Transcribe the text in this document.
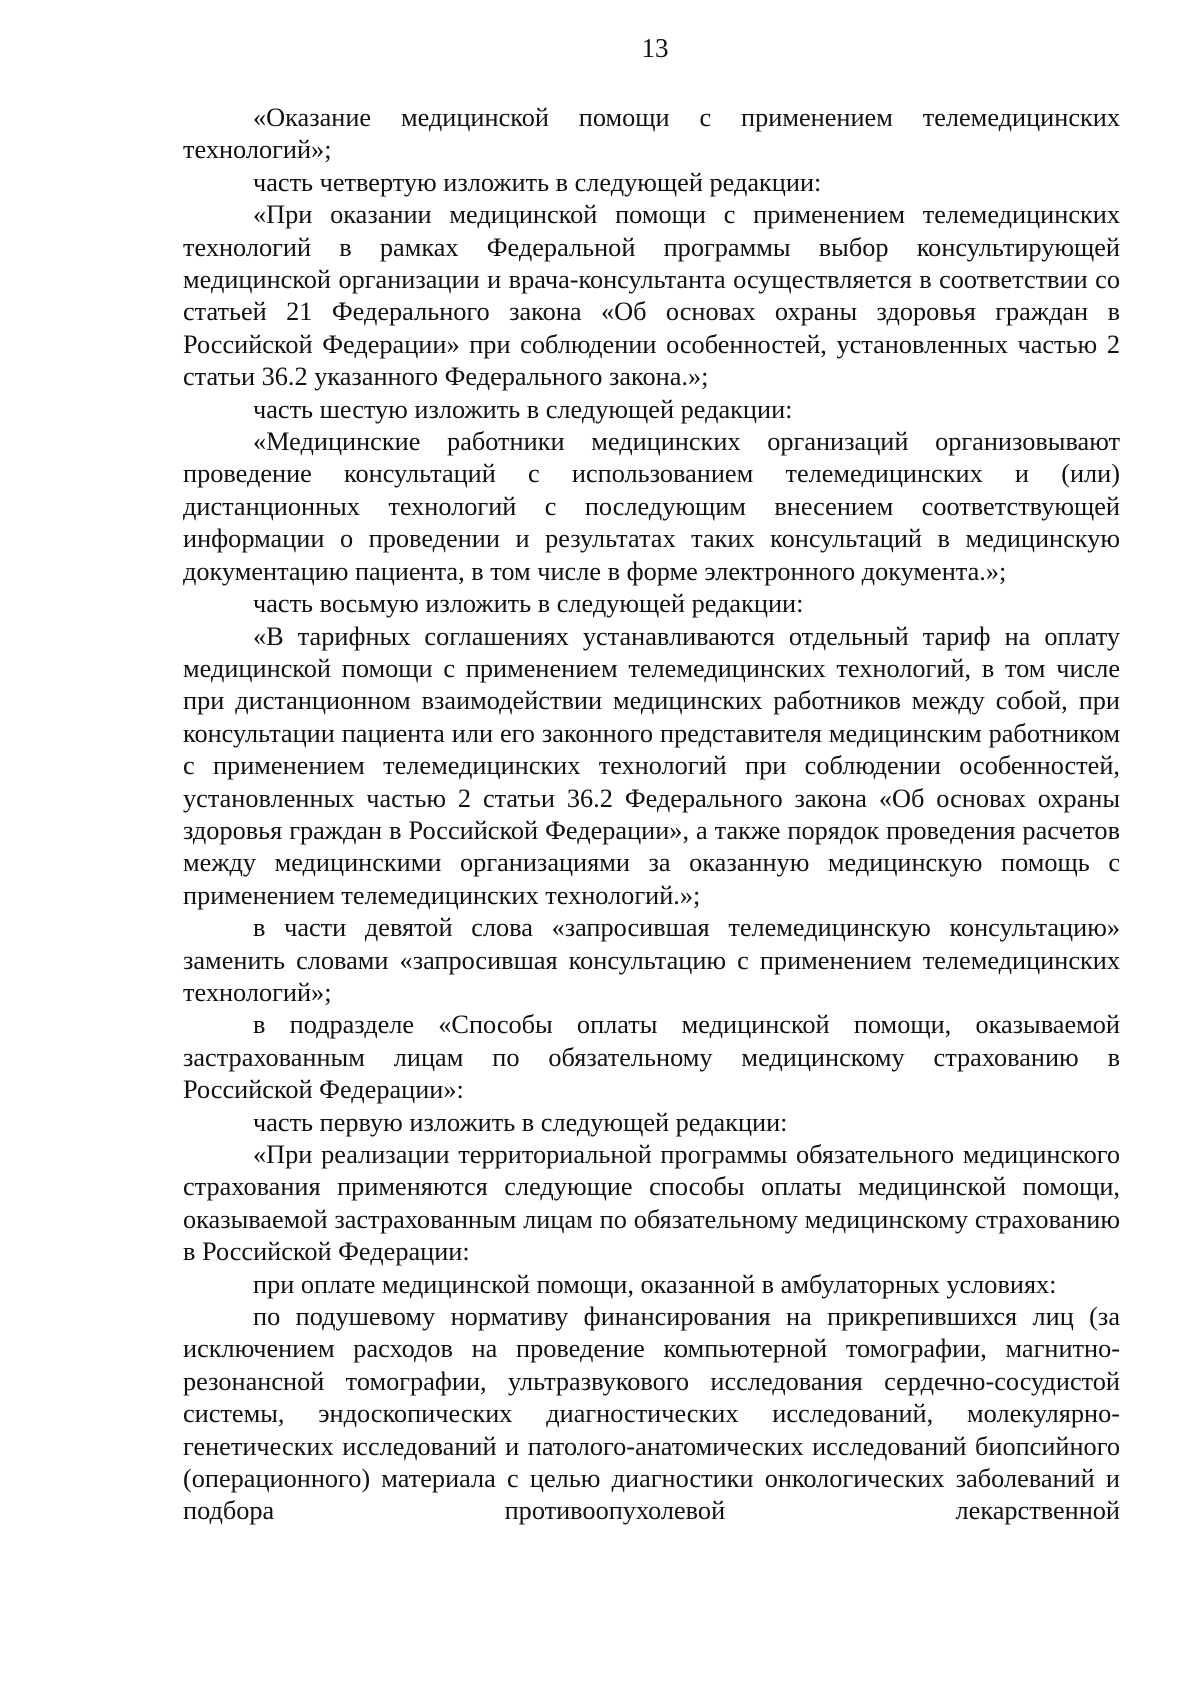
13

«Оказание медицинской помощи с применением телемедицинских технологий»;

часть четвертую изложить в следующей редакции:

«При оказании медицинской помощи с применением телемедицинских технологий в рамках Федеральной программы выбор консультирующей медицинской организации и врача-консультанта осуществляется в соответствии со статьей 21 Федерального закона «Об основах охраны здоровья граждан в Российской Федерации» при соблюдении особенностей, установленных частью 2 статьи 36.2 указанного Федерального закона.»;

часть шестую изложить в следующей редакции:

«Медицинские работники медицинских организаций организовывают проведение консультаций с использованием телемедицинских и (или) дистанционных технологий с последующим внесением соответствующей информации о проведении и результатах таких консультаций в медицинскую документацию пациента, в том числе в форме электронного документа.»;

часть восьмую изложить в следующей редакции:

«В тарифных соглашениях устанавливаются отдельный тариф на оплату медицинской помощи с применением телемедицинских технологий, в том числе при дистанционном взаимодействии медицинских работников между собой, при консультации пациента или его законного представителя медицинским работником с применением телемедицинских технологий при соблюдении особенностей, установленных частью 2 статьи 36.2 Федерального закона «Об основах охраны здоровья граждан в Российской Федерации», а также порядок проведения расчетов между медицинскими организациями за оказанную медицинскую помощь с применением телемедицинских технологий.»;

в части девятой слова «запросившая телемедицинскую консультацию» заменить словами «запросившая консультацию с применением телемедицинских технологий»;

в подразделе «Способы оплаты медицинской помощи, оказываемой застрахованным лицам по обязательному медицинскому страхованию в Российской Федерации»:

часть первую изложить в следующей редакции:

«При реализации территориальной программы обязательного медицинского страхования применяются следующие способы оплаты медицинской помощи, оказываемой застрахованным лицам по обязательному медицинскому страхованию в Российской Федерации:

при оплате медицинской помощи, оказанной в амбулаторных условиях:

по подушевому нормативу финансирования на прикрепившихся лиц (за исключением расходов на проведение компьютерной томографии, магнитно-резонансной томографии, ультразвукового исследования сердечно-сосудистой системы, эндоскопических диагностических исследований, молекулярно-генетических исследований и патолого-анатомических исследований биопсийного (операционного) материала с целью диагностики онкологических заболеваний и подбора противоопухолевой лекарственной
